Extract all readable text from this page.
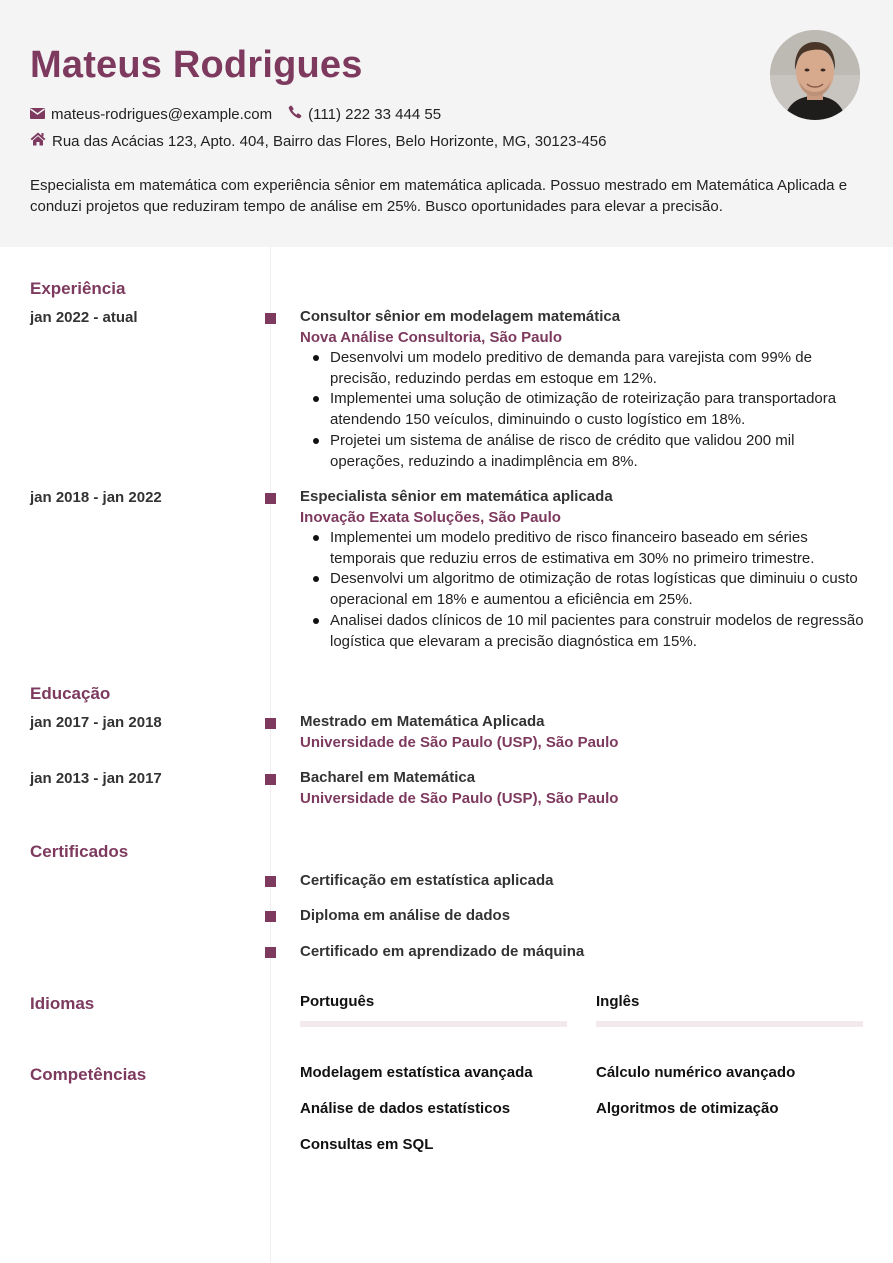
Mateus Rodrigues
mateus-rodrigues@example.com (111) 222 33 444 55
Rua das Acácias 123, Apto. 404, Bairro das Flores, Belo Horizonte, MG, 30123-456
Especialista em matemática com experiência sênior em matemática aplicada. Possuo mestrado em Matemática Aplicada e conduzi projetos que reduziram tempo de análise em 25%. Busco oportunidades para elevar a precisão.
Experiência
jan 2022 - atual	Consultor sênior em modelagem matemática
Nova Análise Consultoria, São Paulo
Desenvolvi um modelo preditivo de demanda para varejista com 99% de precisão, reduzindo perdas em estoque em 12%.
Implementei uma solução de otimização de roteirização para transportadora atendendo 150 veículos, diminuindo o custo logístico em 18%.
Projetei um sistema de análise de risco de crédito que validou 200 mil operações, reduzindo a inadimplência em 8%.
jan 2018 - jan 2022	Especialista sênior em matemática aplicada
Inovação Exata Soluções, São Paulo
Implementei um modelo preditivo de risco financeiro baseado em séries temporais que reduziu erros de estimativa em 30% no primeiro trimestre.
Desenvolvi um algoritmo de otimização de rotas logísticas que diminuiu o custo operacional em 18% e aumentou a eficiência em 25%.
Analisei dados clínicos de 10 mil pacientes para construir modelos de regressão logística que elevaram a precisão diagnóstica em 15%.
Educação
jan 2017 - jan 2018	Mestrado em Matemática Aplicada
Universidade de São Paulo (USP), São Paulo
jan 2013 - jan 2017	Bacharel em Matemática
Universidade de São Paulo (USP), São Paulo
Certificados
Certificação em estatística aplicada
Diploma em análise de dados
Certificado em aprendizado de máquina
Idiomas	Português	Inglês
Competências	Modelagem estatística avançada	Cálculo numérico avançado
Análise de dados estatísticos	Algoritmos de otimização
Consultas em SQL
